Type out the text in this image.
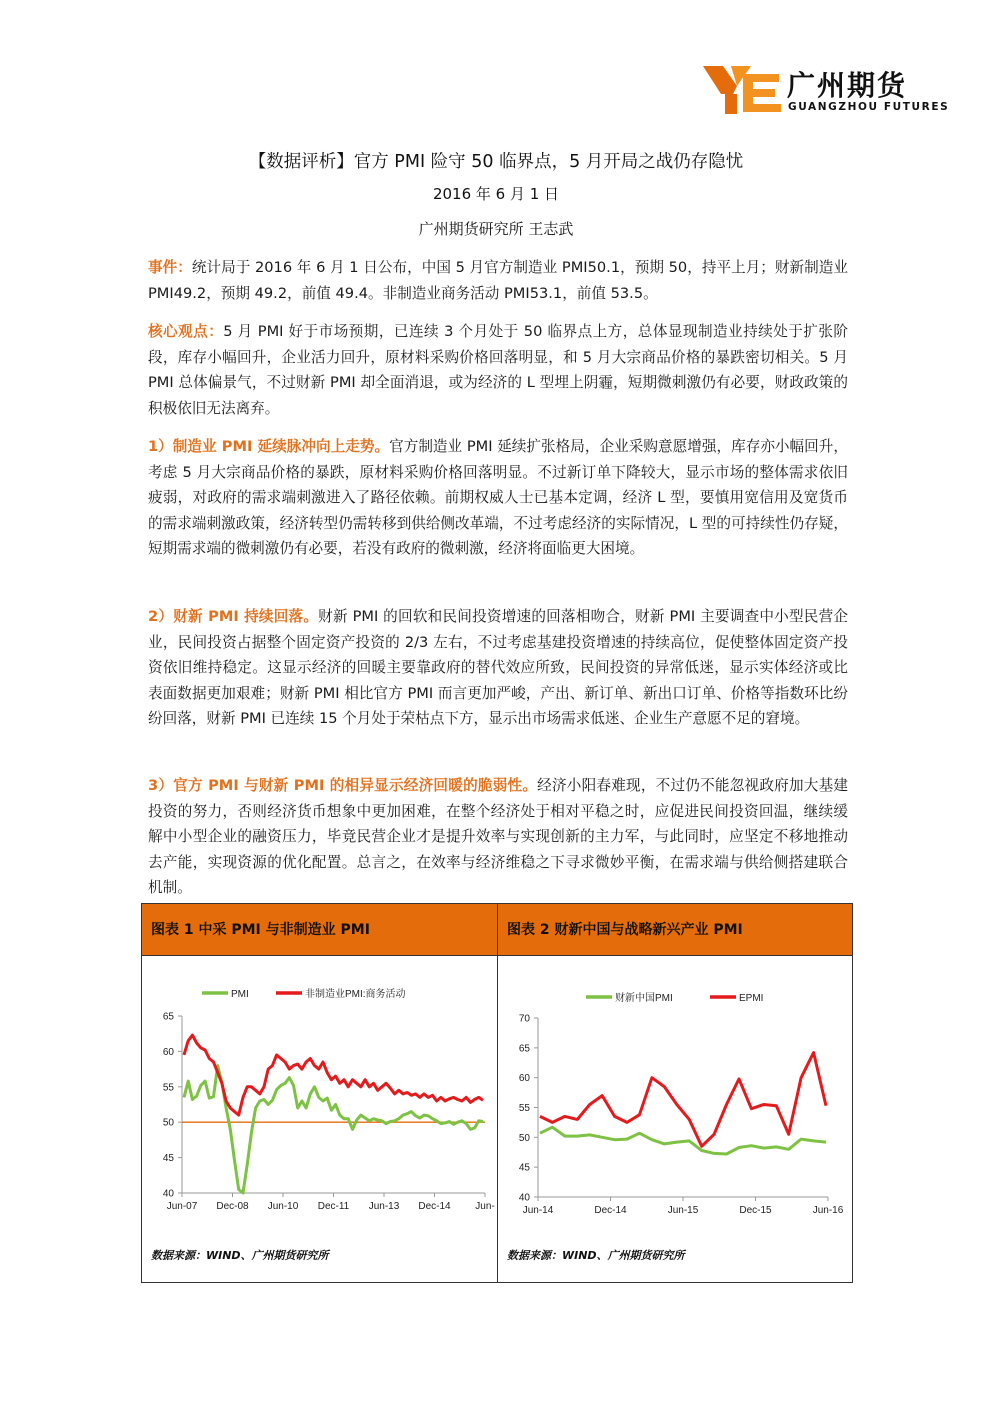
广州期货
GUANGZHOU FUTURES
【数据评析】官方 PMI 险守 50 临界点，5 月开局之战仍存隐忧
2016 年 6 月 1 日
广州期货研究所 王志武

事件：统计局于 2016 年 6 月 1 日公布，中国 5 月官方制造业 PMI50.1，预期 50，持平上月；财新制造业 PMI49.2，预期 49.2，前值 49.4。非制造业商务活动 PMI53.1，前值 53.5。

核心观点：5 月 PMI 好于市场预期，已连续 3 个月处于 50 临界点上方，总体显现制造业持续处于扩张阶段，库存小幅回升，企业活力回升，原材料采购价格回落明显，和 5 月大宗商品价格的暴跌密切相关。5 月 PMI 总体偏景气，不过财新 PMI 却全面消退，或为经济的 L 型埋上阴霾，短期微刺激仍有必要，财政政策的积极依旧无法离弃。

1）制造业 PMI 延续脉冲向上走势。官方制造业 PMI 延续扩张格局，企业采购意愿增强，库存亦小幅回升，考虑 5 月大宗商品价格的暴跌，原材料采购价格回落明显。不过新订单下降较大，显示市场的整体需求依旧疲弱，对政府的需求端刺激进入了路径依赖。前期权威人士已基本定调，经济 L 型，要慎用宽信用及宽货币的需求端刺激政策，经济转型仍需转移到供给侧改革端，不过考虑经济的实际情况，L 型的可持续性仍存疑，短期需求端的微刺激仍有必要，若没有政府的微刺激，经济将面临更大困境。

2）财新 PMI 持续回落。财新 PMI 的回软和民间投资增速的回落相吻合，财新 PMI 主要调查中小型民营企业，民间投资占据整个固定资产投资的 2/3 左右，不过考虑基建投资增速的持续高位，促使整体固定资产投资依旧维持稳定。这显示经济的回暖主要靠政府的替代效应所致，民间投资的异常低迷，显示实体经济或比表面数据更加艰难；财新 PMI 相比官方 PMI 而言更加严峻，产出、新订单、新出口订单、价格等指数环比纷纷回落，财新 PMI 已连续 15 个月处于荣枯点下方，显示出市场需求低迷、企业生产意愿不足的窘境。

3）官方 PMI 与财新 PMI 的相异显示经济回暖的脆弱性。经济小阳春难现，不过仍不能忽视政府加大基建投资的努力，否则经济货币想象中更加困难，在整个经济处于相对平稳之时，应促进民间投资回温，继续缓解中小型企业的融资压力，毕竟民营企业才是提升效率与实现创新的主力军，与此同时，应坚定不移地推动去产能，实现资源的优化配置。总言之，在效率与经济维稳之下寻求微妙平衡，在需求端与供给侧搭建联合机制。

图表 1 中采 PMI 与非制造业 PMI	图表 2 财新中国与战略新兴产业 PMI
40
45
50
55
60
65
Jun-07 Dec-08 Jun-10 Dec-11 Jun-13 Dec-14 Jun-
PMI	非制造业PMI:商务活动
40
45
50
55
60
65
70
Jun-14	Dec-14	Jun-15	Dec-15	Jun-16
财新中国PMI	EPMI
数据来源：WIND、广州期货研究所	数据来源：WIND、广州期货研究所
